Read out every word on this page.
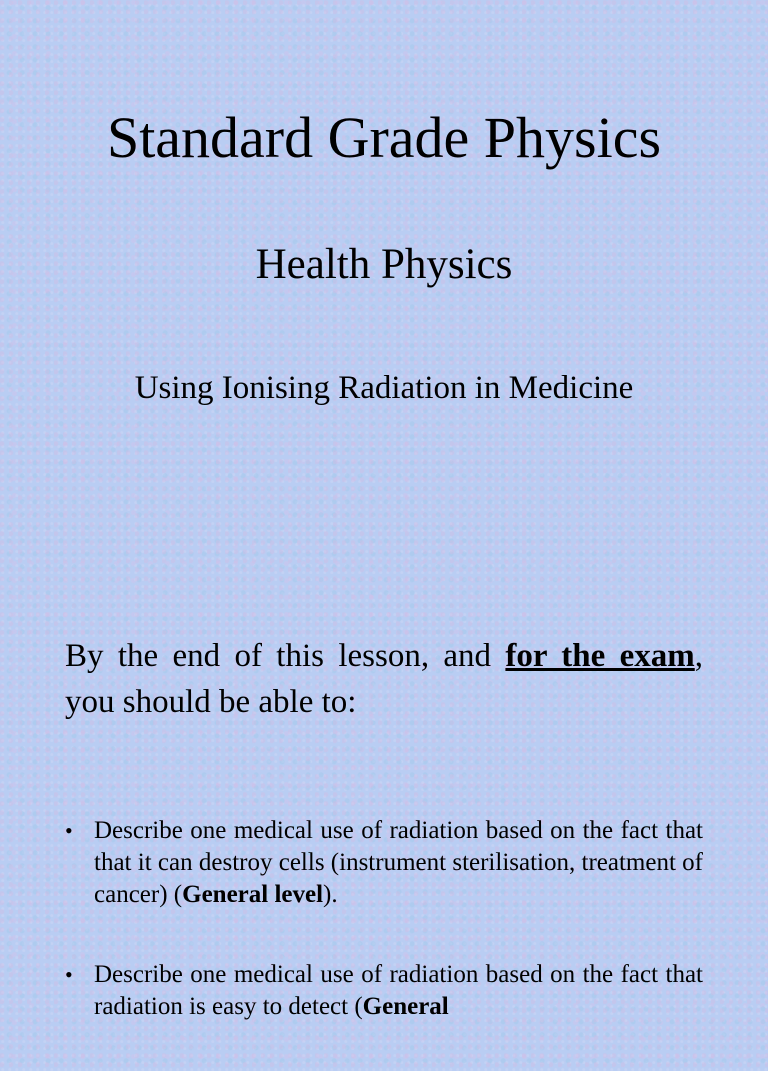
Standard Grade Physics
Health Physics

Using Ionising Radiation in Medicine

By the end of this lesson, and for the exam, you should be able to:

• Describe one medical use of radiation based on the fact that that it can destroy cells (instrument sterilisation, treatment of cancer) (General level).
• Describe one medical use of radiation based on the fact that radiation is easy to detect (General
